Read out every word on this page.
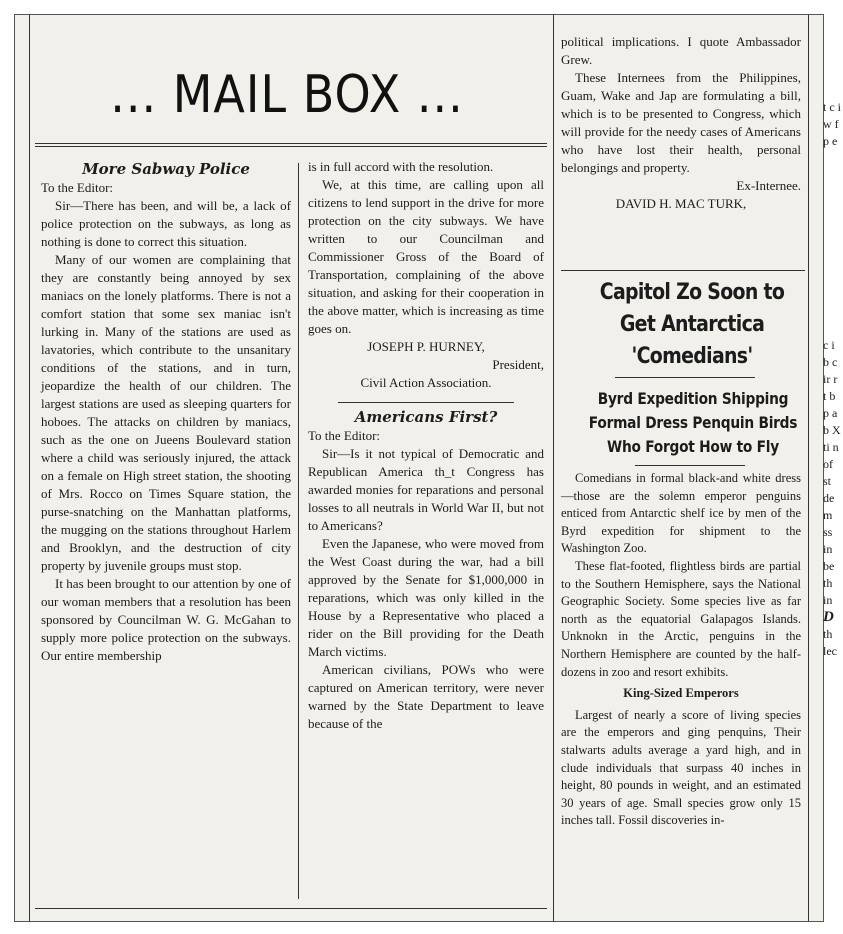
... MAIL BOX ...
More Sabway Police
To the Editor:

Sir—There has been, and will be, a lack of police protection on the subways, as long as nothing is done to correct this situation.

Many of our women are complaining that they are constantly being annoyed by sex maniacs on the lonely platforms. There is not a comfort station that some sex maniac isn't lurking in. Many of the stations are used as lavatories, which contribute to the unsanitary conditions of the stations, and in turn, jeopardize the health of our children. The largest stations are used as sleeping quarters for hoboes. The attacks on children by maniacs, such as the one on Jueens Boulevard station where a child was seriously injured, the attack on a female on High street station, the shooting of Mrs. Rocco on Times Square station, the purse-snatching on the Manhattan platforms, the mugging on the stations throughout Harlem and Brooklyn, and the destruction of city property by juvenile groups must stop.

It has been brought to our attention by one of our woman members that a resolution has been sponsored by Councilman W. G. McGahan to supply more police protection on the subways. Our entire membership

is in full accord with the resolution.

We, at this time, are calling upon all citizens to lend support in the drive for more protection on the city subways. We have written to our Councilman and Commissioner Gross of the Board of Transportation, complaining of the above situation, and asking for their cooperation in the above matter, which is increasing as time goes on.

JOSEPH P. HURNEY,
President,
Civil Action Association.
Americans First?
To the Editor:

Sir—Is it not typical of Democratic and Republican America th_t Congress has awarded monies for reparations and personal losses to all neutrals in World War II, but not to Americans?

Even the Japanese, who were moved from the West Coast during the war, had a bill approved by the Senate for $1,000,000 in reparations, which was only killed in the House by a Representative who placed a rider on the Bill providing for the Death March victims.

American civilians, POWs who were captured on American territory, were never warned by the State Department to leave because of the

political implications. I quote Ambassador Grew.

These Internees from the Philippines, Guam, Wake and Jap are formulating a bill, which is to be presented to Congress, which will provide for the needy cases of Americans who have lost their health, personal belongings and property.

Ex-Internee.
DAVID H. MAC TURK,
Capitol Zo Soon to Get Antarctica 'Comedians'
Byrd Expedition Shipping Formal Dress Penquin Birds Who Forgot How to Fly

Comedians in formal black-and white dress—those are the solemn emperor penguins enticed from Antarctic shelf ice by men of the Byrd expedition for shipment to the Washington Zoo.

These flat-footed, flightless birds are partial to the Southern Hemisphere, says the National Geographic Society. Some species live as far north as the equatorial Galapagos Islands. Unknokn in the Arctic, penguins in the Northern Hemisphere are counted by the half-dozens in zoo and resort exhibits.

King-Sized Emperors

Largest of nearly a score of living species are the emperors and ging penquins, Their stalwarts adults average a yard high, and in clude individuals that surpass 40 inches in height, 80 pounds in weight, and an estimated 30 years of age. Small species grow only 15 inches tall. Fossil discoveries in-

t c i w f p e
c i b c ir r t b p a b X ti n of st de m ss in be th in D th lec
